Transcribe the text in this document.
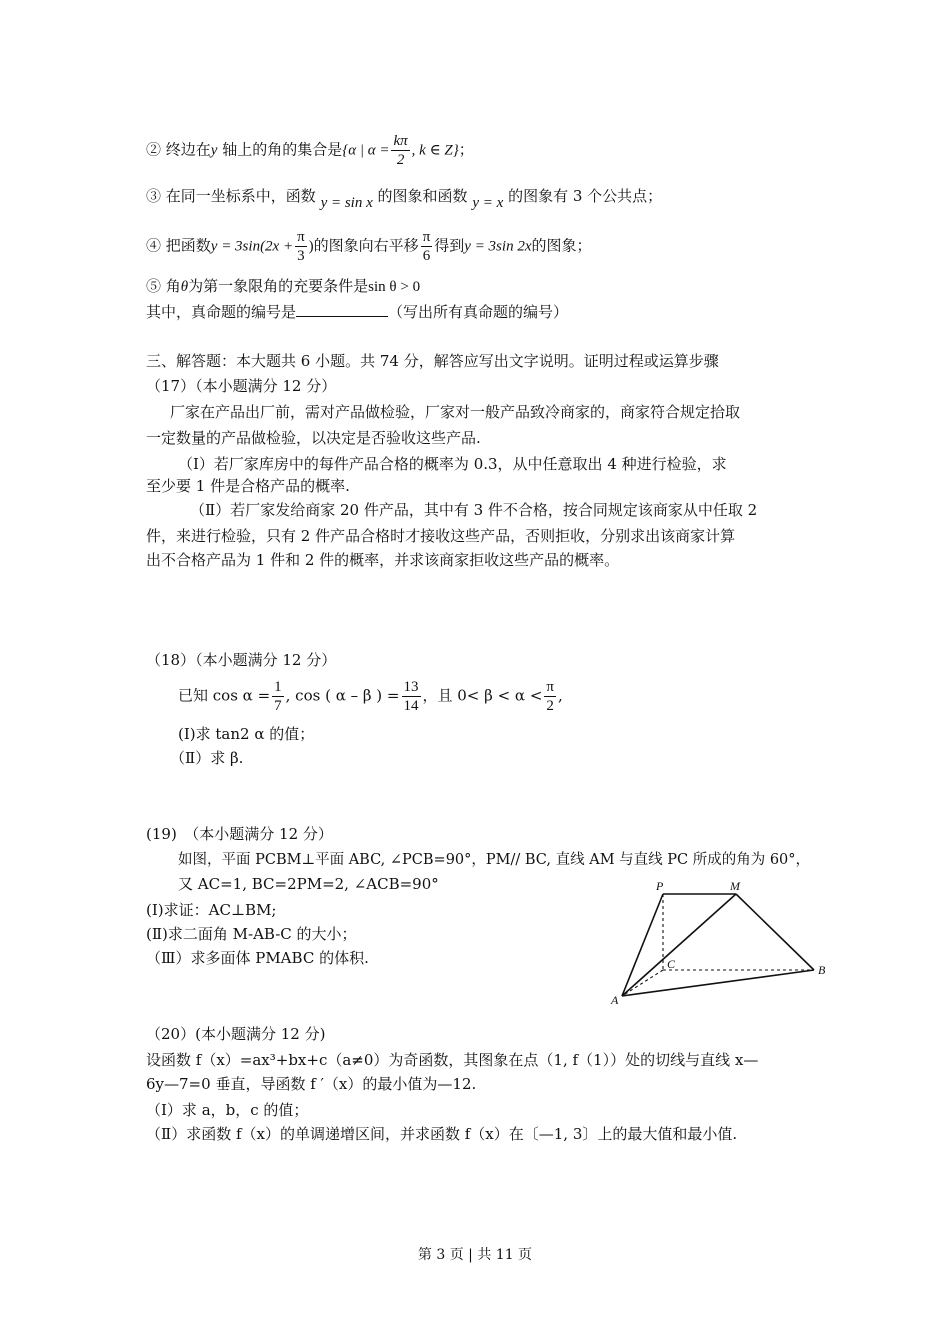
② 终边在y 轴上的角的集合是{α | $\alpha = \frac{k\pi}{2}$ , k ∈ Z}；
③ 在同一坐标系中，函数 y = sin x 的图象和函数 y = x 的图象有 3 个公共点；
④ 把函数$y = 3\sin(2x + \frac{\pi}{3}$ )的图象向右平移 $\frac{\pi}{6}$ 得到y = 3sin 2x的图象；
⑤ 角θ为第一象限角的充要条件是sin θ > 0
其中，真命题的编号是	（写出所有真命题的编号）
三、解答题：本大题共 6 小题。共 74 分，解答应写出文字说明。证明过程或运算步骤
（17）（本小题满分 12 分）
厂家在产品出厂前，需对产品做检验，厂家对一般产品致冷商家的，商家符合规定拾取
一定数量的产品做检验，以决定是否验收这些产品.
（Ⅰ）若厂家库房中的每件产品合格的概率为 0.3，从中任意取出 4 种进行检验，求
至少要 1 件是合格产品的概率.
（Ⅱ）若厂家发给商家 20 件产品，其中有 3 件不合格，按合同规定该商家从中任取 2
件，来进行检验，只有 2 件产品合格时才接收这些产品，否则拒收，分别求出该商家计算
出不合格产品为 1 件和 2 件的概率，并求该商家拒收这些产品的概率。
（18）（本小题满分 12 分）
已知 $\cos \alpha = \frac{1}{7}$ , cos ( α – β ) = $\frac{13}{14}$ ，且 $0< \beta < \alpha < \frac{\pi}{2}$ ,
(Ⅰ)求 tan2 α 的值；
（Ⅱ）求 β.
(19)　（本小题满分 12 分）
如图，平面 PCBM⊥平面 ABC, ∠PCB=90°，PM// BC, 直线 AM 与直线 PC 所成的角为 60°，
又 AC=1, BC=2PM=2, ∠ACB=90°
(Ⅰ)求证：AC⊥BM;
(Ⅱ)求二面角 M-AB-C 的大小；
（Ⅲ）求多面体 PMABC 的体积.
P	M
C	B
A
（20）(本小题满分 12 分)
设函数 f（x）=ax³+bx+c（a≠0）为奇函数，其图象在点（1, f（1））处的切线与直线 x—
6y—7=0 垂直，导函数 f ′（x）的最小值为—12.
（Ⅰ）求 a，b，c 的值；
（Ⅱ）求函数 f（x）的单调递增区间，并求函数 f（x）在〔—1, 3〕上的最大值和最小值.
第 3 页 | 共 11 页
